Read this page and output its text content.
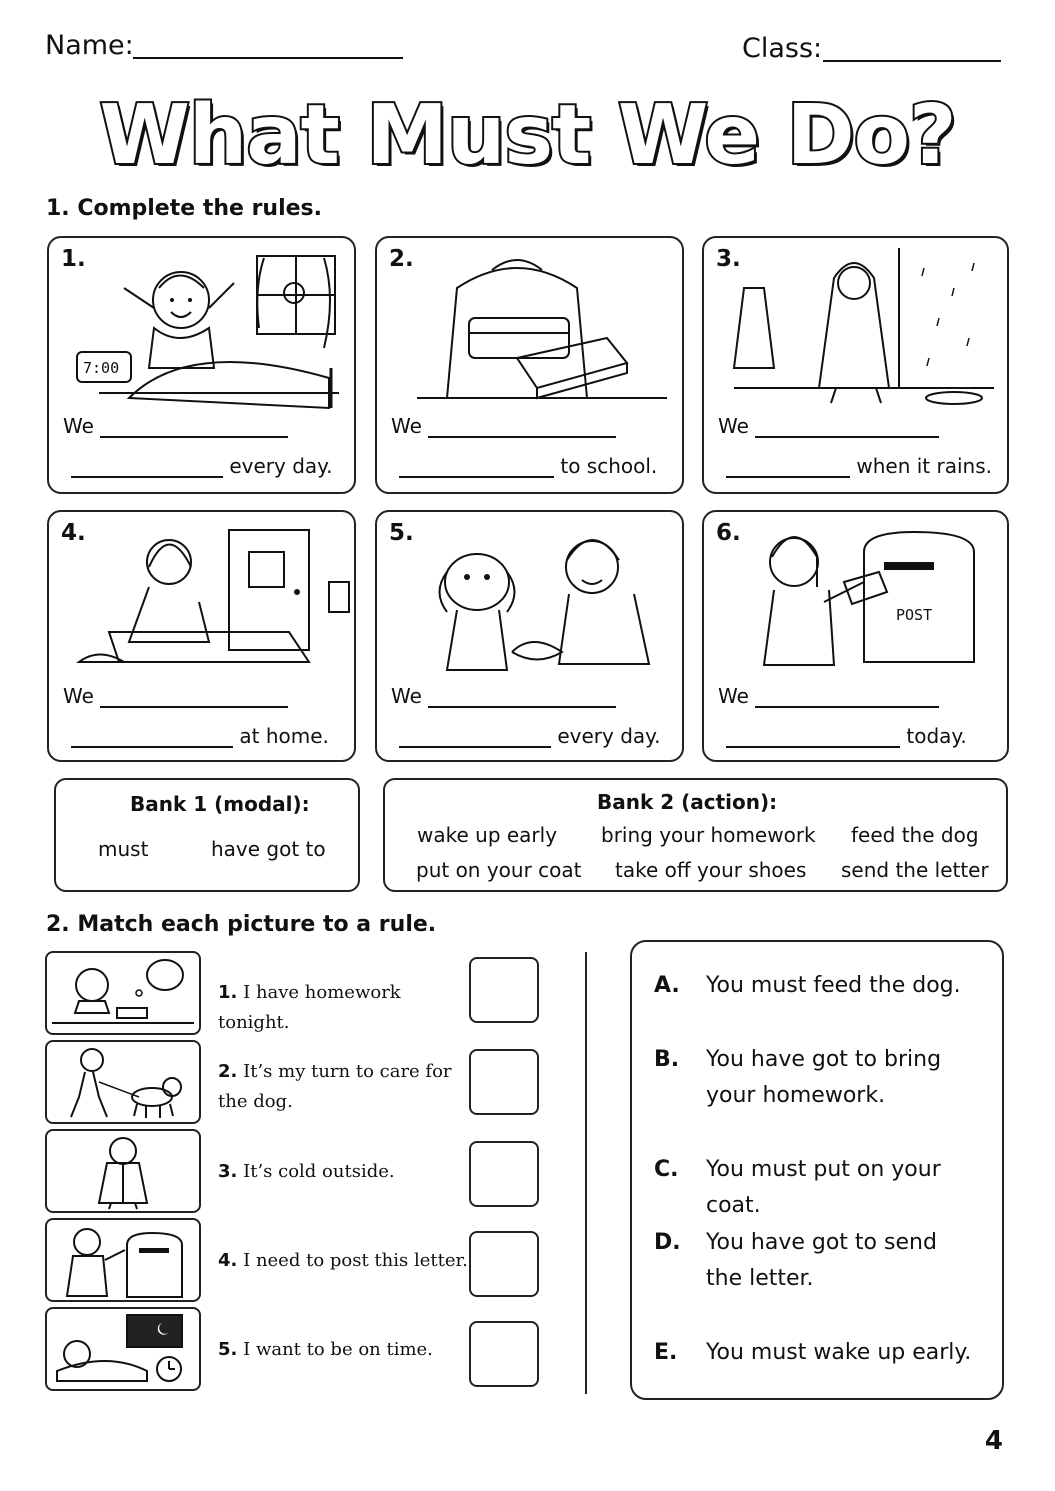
Name:	Class:
What Must We Do?
1. Complete the rules.
1.
7:00
We
every day.
2.
We
to school.
3.
We
when it rains.
4.
We
at home.
5.
We
every day.
6.
POST
We
today.
Bank 1 (modal):
must	have got to
Bank 2 (action):
wake up early bring your homework feed the dog
put on your coat take off your shoes send the letter
2. Match each picture to a rule.
1. I have homework tonight.
2. It’s my turn to care for the dog.
3. It’s cold outside.
4. I need to post this letter.
5. I want to be on time.
A. You must feed the dog.
B. You have got to bring your homework.
C. You must put on your coat.
D. You have got to send the letter.
E. You must wake up early.
4
